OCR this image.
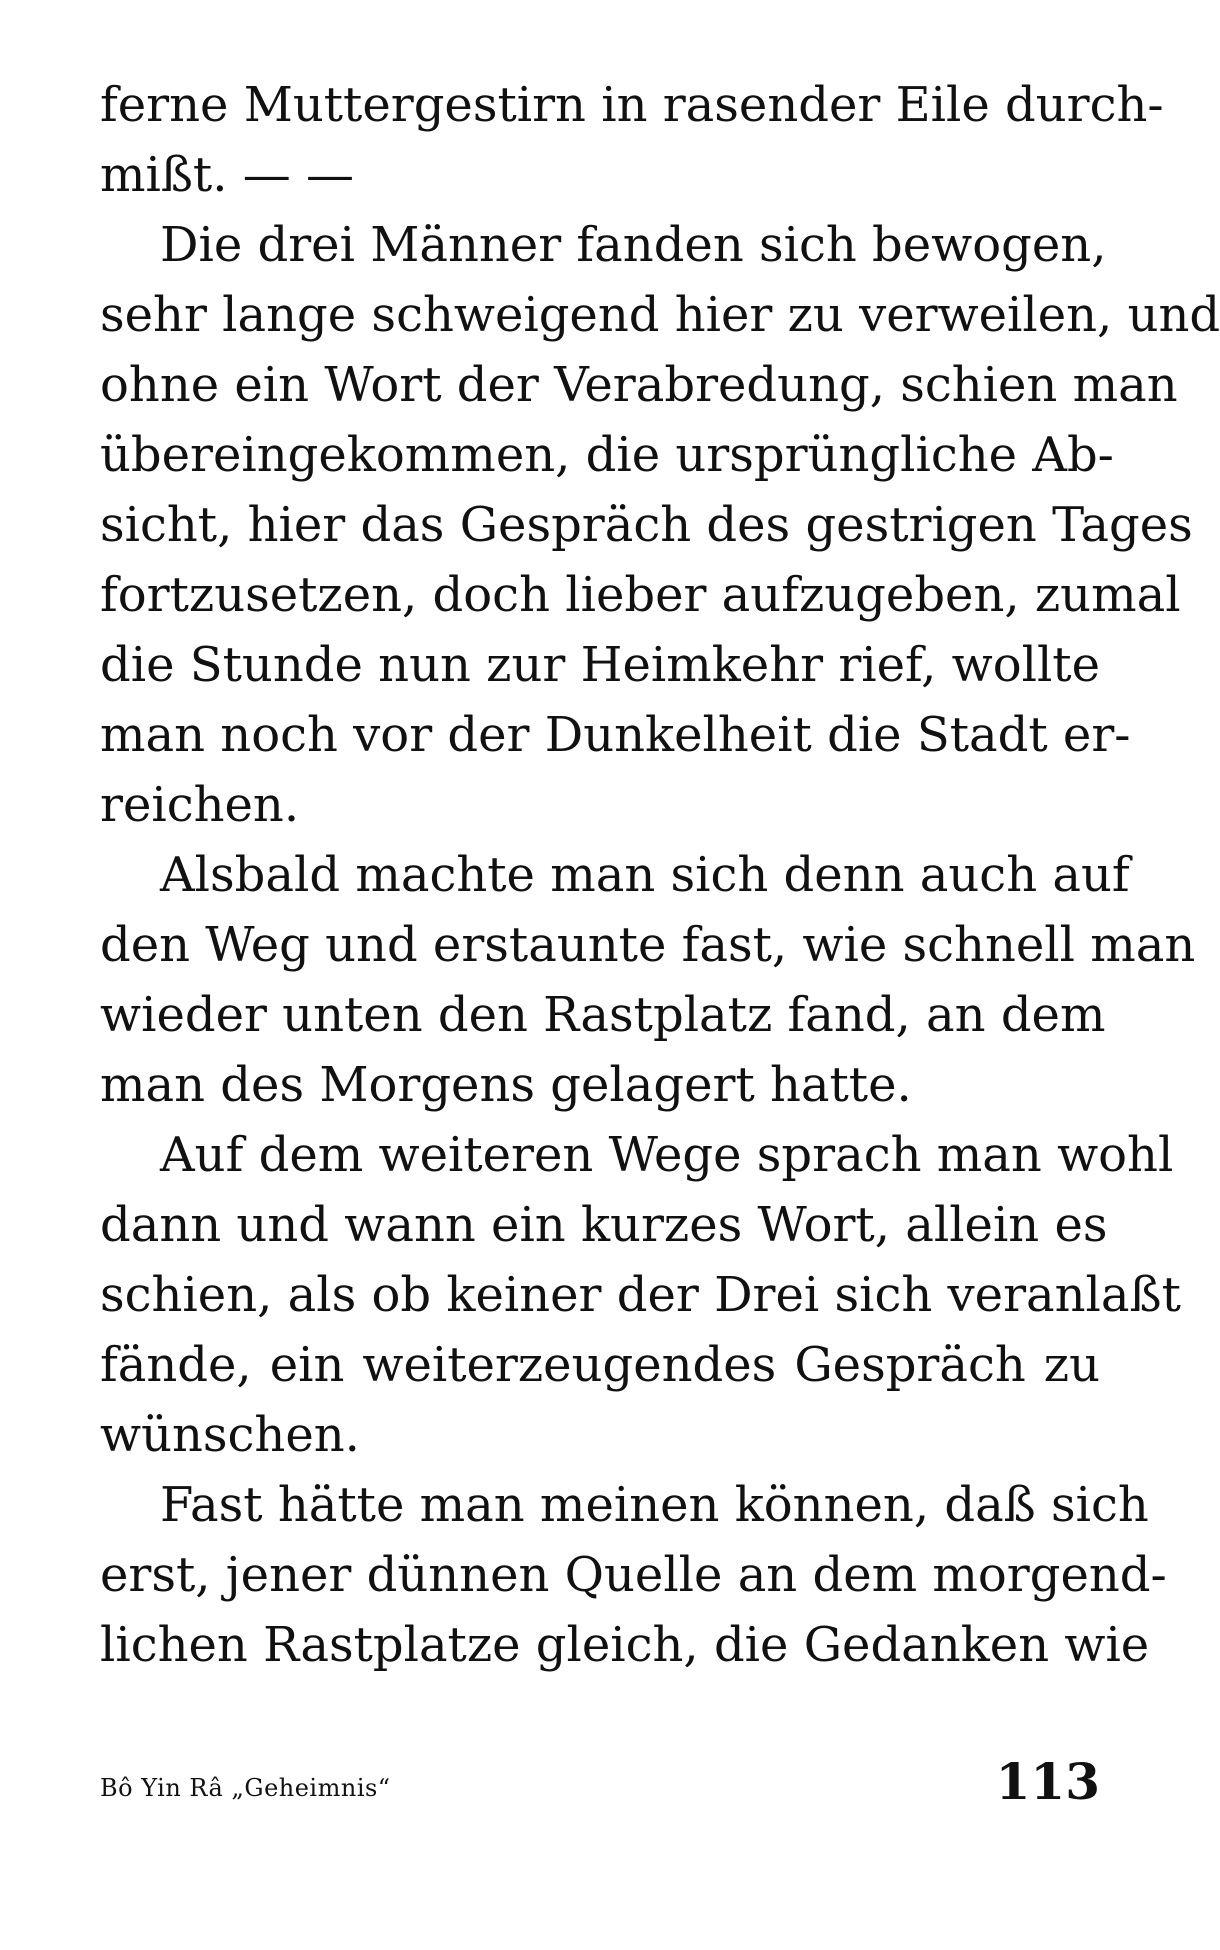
ferne Muttergestirn in rasender Eile durch-
mißt. — —
Die drei Männer fanden sich bewogen,
sehr lange schweigend hier zu verweilen, und
ohne ein Wort der Verabredung, schien man
übereingekommen, die ursprüngliche Ab-
sicht, hier das Gespräch des gestrigen Tages
fortzusetzen, doch lieber aufzugeben, zumal
die Stunde nun zur Heimkehr rief, wollte
man noch vor der Dunkelheit die Stadt er-
reichen.
Alsbald machte man sich denn auch auf
den Weg und erstaunte fast, wie schnell man
wieder unten den Rastplatz fand, an dem
man des Morgens gelagert hatte.
Auf dem weiteren Wege sprach man wohl
dann und wann ein kurzes Wort, allein es
schien, als ob keiner der Drei sich veranlaßt
fände, ein weiterzeugendes Gespräch zu
wünschen.
Fast hätte man meinen können, daß sich
erst, jener dünnen Quelle an dem morgend-
lichen Rastplatze gleich, die Gedanken wie
Bô Yin Râ „Geheimnis“	113
